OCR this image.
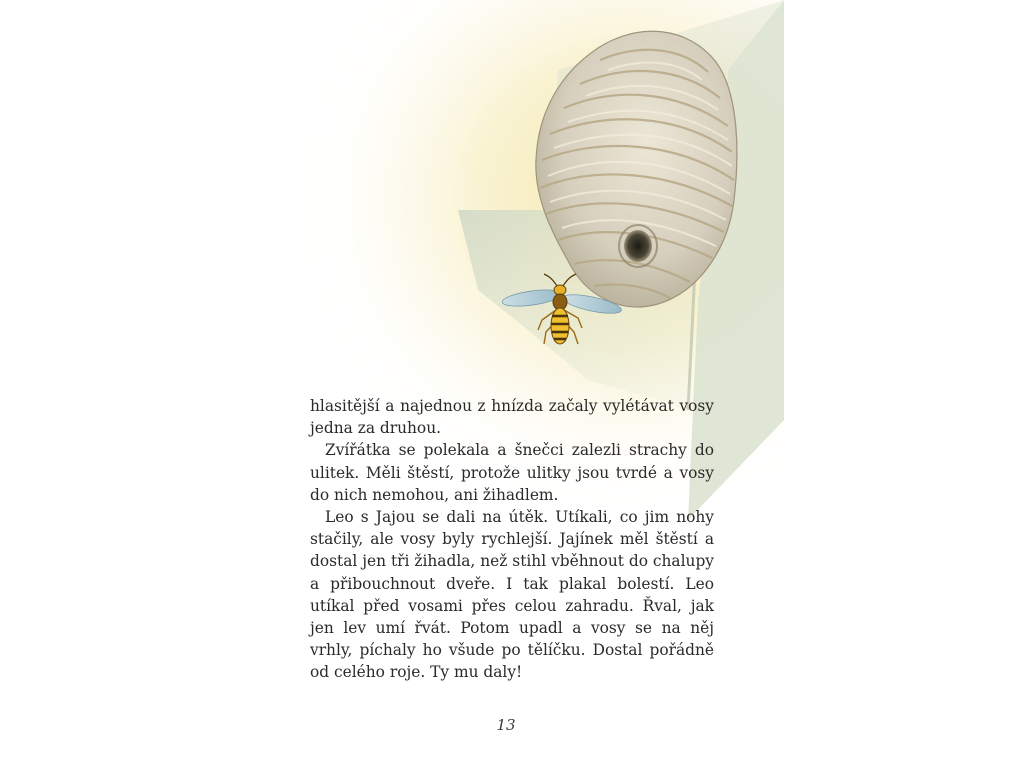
hlasitější a najednou z hnízda začaly vylétávat vosy jedna za druhou.

Zvířátka se polekala a šnečci zalezli strachy do ulitek. Měli štěstí, protože ulitky jsou tvrdé a vosy do nich nemohou, ani žihadlem.

Leo s Jajou se dali na útěk. Utíkali, co jim nohy stačily, ale vosy byly rychlejší. Jajínek měl štěstí a dostal jen tři žihadla, než stihl vběhnout do chalupy a přibouchnout dveře. I tak plakal bolestí. Leo utíkal před vosami přes celou zahradu. Řval, jak jen lev umí řvát. Potom upadl a vosy se na něj vrhly, píchaly ho všude po tělíčku. Dostal pořádně od celého roje. Ty mu daly!

13
